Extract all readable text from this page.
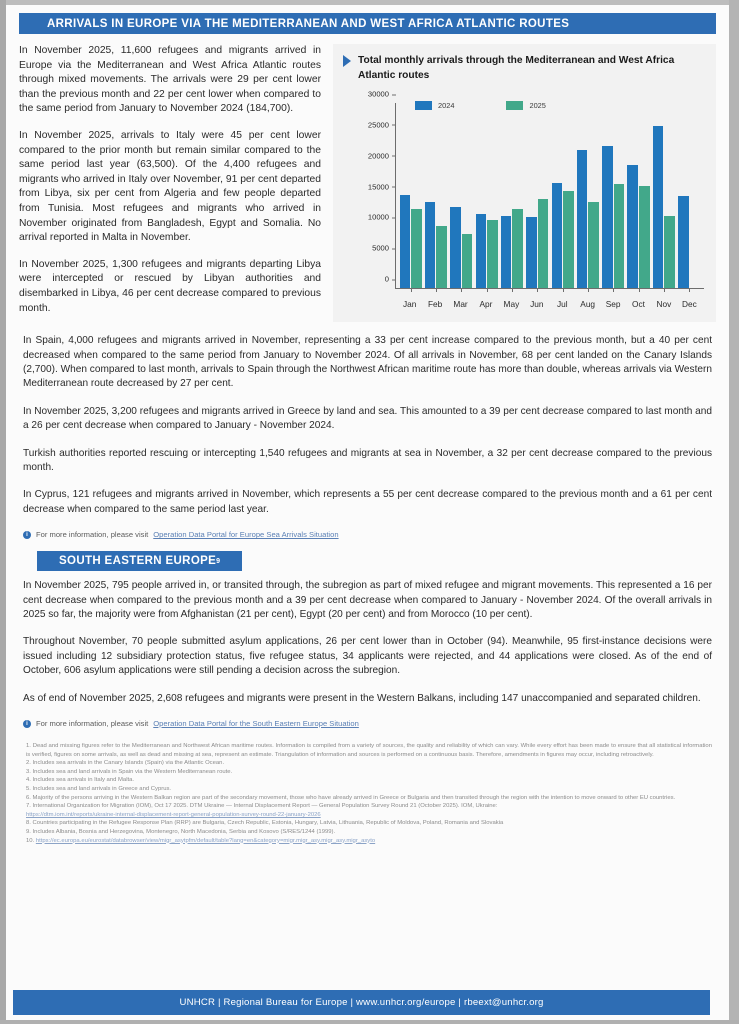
ARRIVALS IN EUROPE VIA THE MEDITERRANEAN AND WEST AFRICA ATLANTIC ROUTES

In November 2025, 11,600 refugees and migrants arrived in Europe via the Mediterranean and West Africa Atlantic routes through mixed movements. The arrivals were 29 per cent lower than the previous month and 22 per cent lower when compared to the same period from January to November 2024 (184,700).

In November 2025, arrivals to Italy were 45 per cent lower compared to the prior month but remain similar compared to the same period last year (63,500). Of the 4,400 refugees and migrants who arrived in Italy over November, 91 per cent departed from Libya, six per cent from Algeria and few people departed from Tunisia. Most refugees and migrants who arrived in November originated from Bangladesh, Egypt and Somalia. No arrival reported in Malta in November.

In November 2025, 1,300 refugees and migrants departing Libya were intercepted or rescued by Libyan authorities and disembarked in Libya, 46 per cent decrease compared to previous month.

Total monthly arrivals through the Mediterranean and West Africa Atlantic routes
2024	2025
0
5000
10000
15000
20000
25000
30000
Jan	Feb	Mar	Apr	May	Jun	Jul	Aug	Sep	Oct	Nov	Dec

In Spain, 4,000 refugees and migrants arrived in November, representing a 33 per cent increase compared to the previous month, but a 40 per cent decreased when compared to the same period from January to November 2024. Of all arrivals in November, 68 per cent landed on the Canary Islands (2,700). When compared to last month, arrivals to Spain through the Northwest African maritime route has more than double, whereas arrivals via Western Mediterranean route decreased by 27 per cent.

In November 2025, 3,200 refugees and migrants arrived in Greece by land and sea. This amounted to a 39 per cent decrease compared to last month and a 26 per cent decrease when compared to January - November 2024.

Turkish authorities reported rescuing or intercepting 1,540 refugees and migrants at sea in November, a 32 per cent decrease compared to the previous month.

In Cyprus, 121 refugees and migrants arrived in November, which represents a 55 per cent decrease compared to the previous month and a 61 per cent decrease when compared to the same period last year.

i	For more information, please visit Operation Data Portal for Europe Sea Arrivals Situation
SOUTH EASTERN EUROPE 9

In November 2025, 795 people arrived in, or transited through, the subregion as part of mixed refugee and migrant movements. This represented a 16 per cent decrease when compared to the previous month and a 39 per cent decrease when compared to January - November 2024. Of the overall arrivals in 2025 so far, the majority were from Afghanistan (21 per cent), Egypt (20 per cent) and from Morocco (10 per cent).

Throughout November, 70 people submitted asylum applications, 26 per cent lower than in October (94). Meanwhile, 95 first-instance decisions were issued including 12 subsidiary protection status, five refugee status, 34 applicants were rejected, and 44 applications were closed. As of the end of October, 606 asylum applications were still pending a decision across the subregion.

As of end of November 2025, 2,608 refugees and migrants were present in the Western Balkans, including 147 unaccompanied and separated children.

i	For more information, please visit Operation Data Portal for the South Eastern Europe Situation
1. Dead and missing figures refer to the Mediterranean and Northwest African maritime routes. Information is compiled from a variety of sources, the quality and reliability of which can vary. While every effort has been made to ensure that all statistical information is verified, figures on some arrivals, as well as dead and missing at sea, represent an estimate. Triangulation of information and sources is performed on a continuous basis. Therefore, amendments in figures may occur, including retroactively.
2. Includes sea arrivals in the Canary Islands (Spain) via the Atlantic Ocean.
3. Includes sea and land arrivals in Spain via the Western Mediterranean route.
4. Includes sea arrivals in Italy and Malta.
5. Includes sea and land arrivals in Greece and Cyprus.
6. Majority of the persons arriving in the Western Balkan region are part of the secondary movement, those who have already arrived in Greece or Bulgaria and then transited through the region with the intention to move onward to other EU countries.
7. International Organization for Migration (IOM), Oct 17 2025. DTM Ukraine — Internal Displacement Report — General Population Survey Round 21 (October 2025). IOM, Ukraine:
https://dtm.iom.int/reports/ukraine-internal-displacement-report-general-population-survey-round-22-january-2026
8. Countries participating in the Refugee Response Plan (RRP) are Bulgaria, Czech Republic, Estonia, Hungary, Latvia, Lithuania, Republic of Moldova, Poland, Romania and Slovakia
9. Includes Albania, Bosnia and Herzegovina, Montenegro, North Macedonia, Serbia and Kosovo (S/RES/1244 (1999).
10. https://ec.europa.eu/eurostat/databrowser/view/migr_asytpfm/default/table?lang=en&category=migr.migr_asy.migr_asy.migr_asyto
UNHCR | Regional Bureau for Europe | www.unhcr.org/europe | rbeext@unhcr.org
